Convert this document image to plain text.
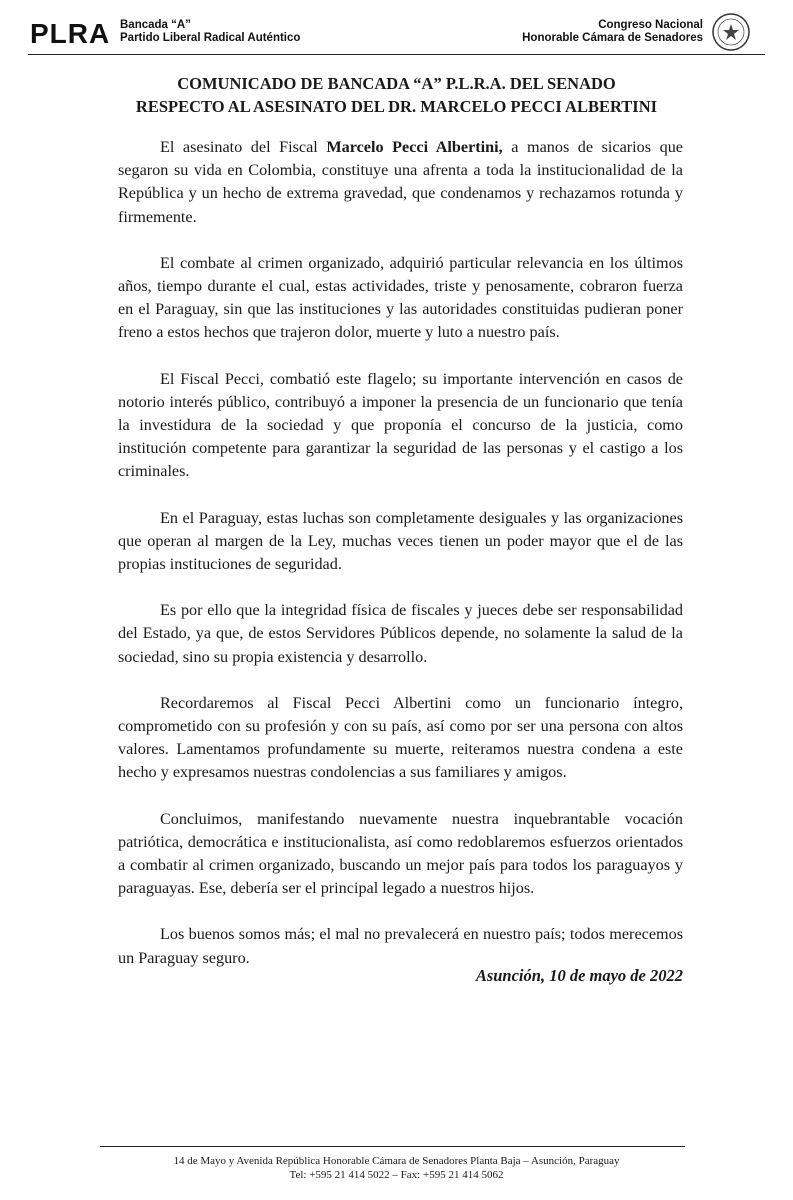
PLRA Bancada “A”
Partido Liberal Radical Auténtico
Congreso Nacional
Honorable Cámara de Senadores
COMUNICADO DE BANCADA “A” P.L.R.A. DEL SENADO
RESPECTO AL ASESINATO DEL DR. MARCELO PECCI ALBERTINI

El asesinato del Fiscal Marcelo Pecci Albertini, a manos de sicarios que segaron su vida en Colombia, constituye una afrenta a toda la institucionalidad de la República y un hecho de extrema gravedad, que condenamos y rechazamos rotunda y firmemente.

El combate al crimen organizado, adquirió particular relevancia en los últimos años, tiempo durante el cual, estas actividades, triste y penosamente, cobraron fuerza en el Paraguay, sin que las instituciones y las autoridades constituidas pudieran poner freno a estos hechos que trajeron dolor, muerte y luto a nuestro país.

El Fiscal Pecci, combatió este flagelo; su importante intervención en casos de notorio interés público, contribuyó a imponer la presencia de un funcionario que tenía la investidura de la sociedad y que proponía el concurso de la justicia, como institución competente para garantizar la seguridad de las personas y el castigo a los criminales.

En el Paraguay, estas luchas son completamente desiguales y las organizaciones que operan al margen de la Ley, muchas veces tienen un poder mayor que el de las propias instituciones de seguridad.

Es por ello que la integridad física de fiscales y jueces debe ser responsabilidad del Estado, ya que, de estos Servidores Públicos depende, no solamente la salud de la sociedad, sino su propia existencia y desarrollo.

Recordaremos al Fiscal Pecci Albertini como un funcionario íntegro, comprometido con su profesión y con su país, así como por ser una persona con altos valores. Lamentamos profundamente su muerte, reiteramos nuestra condena a este hecho y expresamos nuestras condolencias a sus familiares y amigos.

Concluimos, manifestando nuevamente nuestra inquebrantable vocación patriótica, democrática e institucionalista, así como redoblaremos esfuerzos orientados a combatir al crimen organizado, buscando un mejor país para todos los paraguayos y paraguayas. Ese, debería ser el principal legado a nuestros hijos.

Los buenos somos más; el mal no prevalecerá en nuestro país; todos merecemos un Paraguay seguro.

Asunción, 10 de mayo de 2022
14 de Mayo y Avenida República Honorable Cámara de Senadores Planta Baja – Asunción, Paraguay
Tel: +595 21 414 5022 – Fax: +595 21 414 5062
